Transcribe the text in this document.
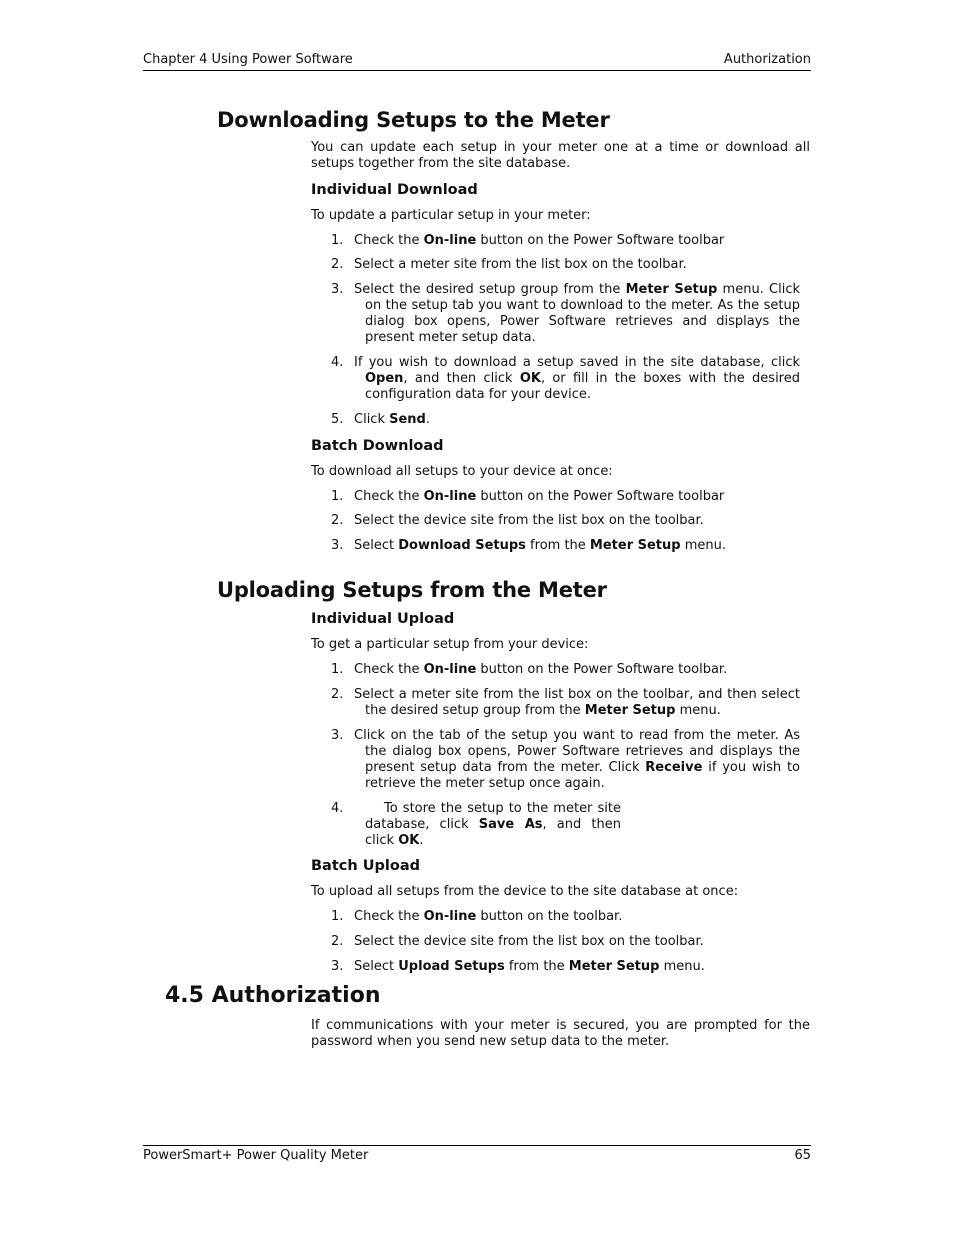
Chapter 4 Using Power Software	Authorization
Downloading Setups to the Meter
You can update each setup in your meter one at a time or download all setups together from the site database.
Individual Download
To update a particular setup in your meter:
1. Check the On-line button on the Power Software toolbar
2. Select a meter site from the list box on the toolbar.
3. Select the desired setup group from the Meter Setup menu. Click on the setup tab you want to download to the meter. As the setup dialog box opens, Power Software retrieves and displays the present meter setup data.
4. If you wish to download a setup saved in the site database, click Open, and then click OK, or fill in the boxes with the desired configuration data for your device.
5. Click Send.
Batch Download
To download all setups to your device at once:
1. Check the On-line button on the Power Software toolbar
2. Select the device site from the list box on the toolbar.
3. Select Download Setups from the Meter Setup menu.
Uploading Setups from the Meter
Individual Upload
To get a particular setup from your device:
1. Check the On-line button on the Power Software toolbar.
2. Select a meter site from the list box on the toolbar, and then select the desired setup group from the Meter Setup menu.
3. Click on the tab of the setup you want to read from the meter. As the dialog box opens, Power Software retrieves and displays the present setup data from the meter. Click Receive if you wish to retrieve the meter setup once again.
4.	To store the setup to the meter site database, click Save As, and then click OK.
Batch Upload
To upload all setups from the device to the site database at once:
1. Check the On-line button on the toolbar.
2. Select the device site from the list box on the toolbar.
3. Select Upload Setups from the Meter Setup menu.
4.5 Authorization
If communications with your meter is secured, you are prompted for the password when you send new setup data to the meter.
PowerSmart+ Power Quality Meter	65
